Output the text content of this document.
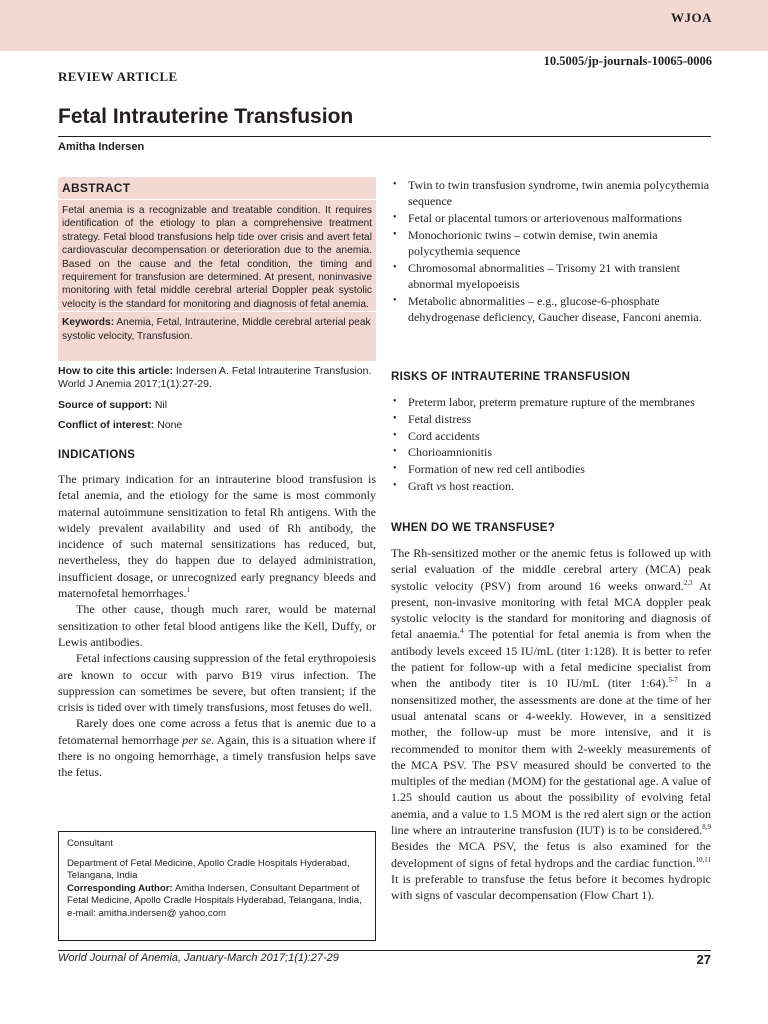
WJOA
10.5005/jp-journals-10065-0006
REVIEW ARTICLE
Fetal Intrauterine Transfusion
Amitha Indersen
ABSTRACT

Fetal anemia is a recognizable and treatable condition. It requires identification of the etiology to plan a comprehensive treatment strategy. Fetal blood transfusions help tide over crisis and avert fetal cardiovascular decompensation or deterioration due to the anemia. Based on the cause and the fetal condition, the timing and requirement for transfusion are determined. At present, noninvasive monitoring with fetal middle cerebral arterial Doppler peak systolic velocity is the standard for monitoring and diagnosis of fetal anemia.

Keywords: Anemia, Fetal, Intrauterine, Middle cerebral arterial peak systolic velocity, Transfusion.

How to cite this article: Indersen A. Fetal Intrauterine Transfusion. World J Anemia 2017;1(1):27-29.
Source of support: Nil
Conflict of interest: None
INDICATIONS

The primary indication for an intrauterine blood transfusion is fetal anemia, and the etiology for the same is most commonly maternal autoimmune sensitization to fetal Rh antigens. With the widely prevalent availability and used of Rh antibody, the incidence of such maternal sensitizations has reduced, but, nevertheless, they do happen due to delayed administration, insufficient dosage, or unrecognized early pregnancy bleeds and maternofetal hemorrhages.$^1$

The other cause, though much rarer, would be maternal sensitization to other fetal blood antigens like the Kell, Duffy, or Lewis antibodies.

Fetal infections causing suppression of the fetal erythropoiesis are known to occur with parvo B19 virus infection. The suppression can sometimes be severe, but often transient; if the crisis is tided over with timely transfusions, most fetuses do well.

Rarely does one come across a fetus that is anemic due to a fetomaternal hemorrhage per se. Again, this is a situation where if there is no ongoing hemorrhage, a timely transfusion helps save the fetus.

Consultant

Department of Fetal Medicine, Apollo Cradle Hospitals Hyderabad, Telangana, India

Corresponding Author: Amitha Indersen, Consultant Department of Fetal Medicine, Apollo Cradle Hospitals Hyderabad, Telangana, India, e-mail: amitha.indersen@ yahoo.com

• Twin to twin transfusion syndrome, twin anemia polycythemia sequence
• Fetal or placental tumors or arteriovenous malformations
• Monochorionic twins – cotwin demise, twin anemia polycythemia sequence
• Chromosomal abnormalities – Trisomy 21 with transient abnormal myelopoeisis
• Metabolic abnormalities – e.g., glucose-6-phosphate dehydrogenase deficiency, Gaucher disease, Fanconi anemia.
RISKS OF INTRAUTERINE TRANSFUSION
• Preterm labor, preterm premature rupture of the membranes
• Fetal distress
• Cord accidents
• Chorioamnionitis
• Formation of new red cell antibodies
• Graft vs host reaction.
WHEN DO WE TRANSFUSE?

The Rh-sensitized mother or the anemic fetus is followed up with serial evaluation of the middle cerebral artery (MCA) peak systolic velocity (PSV) from around 16 weeks onward.$^{2,3}$ At present, non-invasive monitoring with fetal MCA doppler peak systolic velocity is the standard for monitoring and diagnosis of fetal anaemia.$^4$ The potential for fetal anemia is from when the antibody levels exceed 15 IU/mL (titer 1:128). It is better to refer the patient for follow-up with a fetal medicine specialist from when the antibody titer is 10 IU/mL (titer 1:64).$^{5-7}$ In a nonsensitized mother, the assessments are done at the time of her usual antenatal scans or 4-weekly. However, in a sensitized mother, the follow-up must be more intensive, and it is recommended to monitor them with 2-weekly measurements of the MCA PSV. The PSV measured should be converted to the multiples of the median (MOM) for the gestational age. A value of 1.25 should caution us about the possibility of evolving fetal anemia, and a value to 1.5 MOM is the red alert sign or the action line where an intrauterine transfusion (IUT) is to be considered.$^{8,9}$ Besides the MCA PSV, the fetus is also examined for the development of signs of fetal hydrops and the cardiac function.$^{10,11}$ It is preferable to transfuse the fetus before it becomes hydropic with signs of vascular decompensation (Flow Chart 1).

World Journal of Anemia, January-March 2017;1(1):27-29	27
